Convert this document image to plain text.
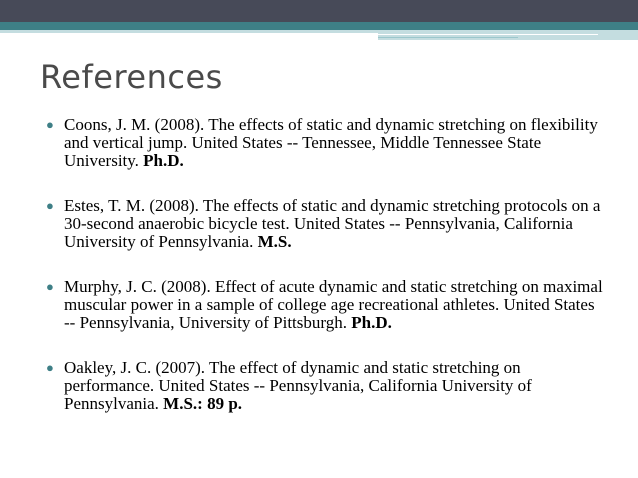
References
● Coons, J. M. (2008). The effects of static and dynamic stretching on flexibility and vertical jump. United States -- Tennessee, Middle Tennessee State University. Ph.D.
● Estes, T. M. (2008). The effects of static and dynamic stretching protocols on a 30-second anaerobic bicycle test. United States -- Pennsylvania, California University of Pennsylvania. M.S.
● Murphy, J. C. (2008). Effect of acute dynamic and static stretching on maximal muscular power in a sample of college age recreational athletes. United States -- Pennsylvania, University of Pittsburgh. Ph.D.
● Oakley, J. C. (2007). The effect of dynamic and static stretching on performance. United States -- Pennsylvania, California University of Pennsylvania. M.S.: 89 p.
